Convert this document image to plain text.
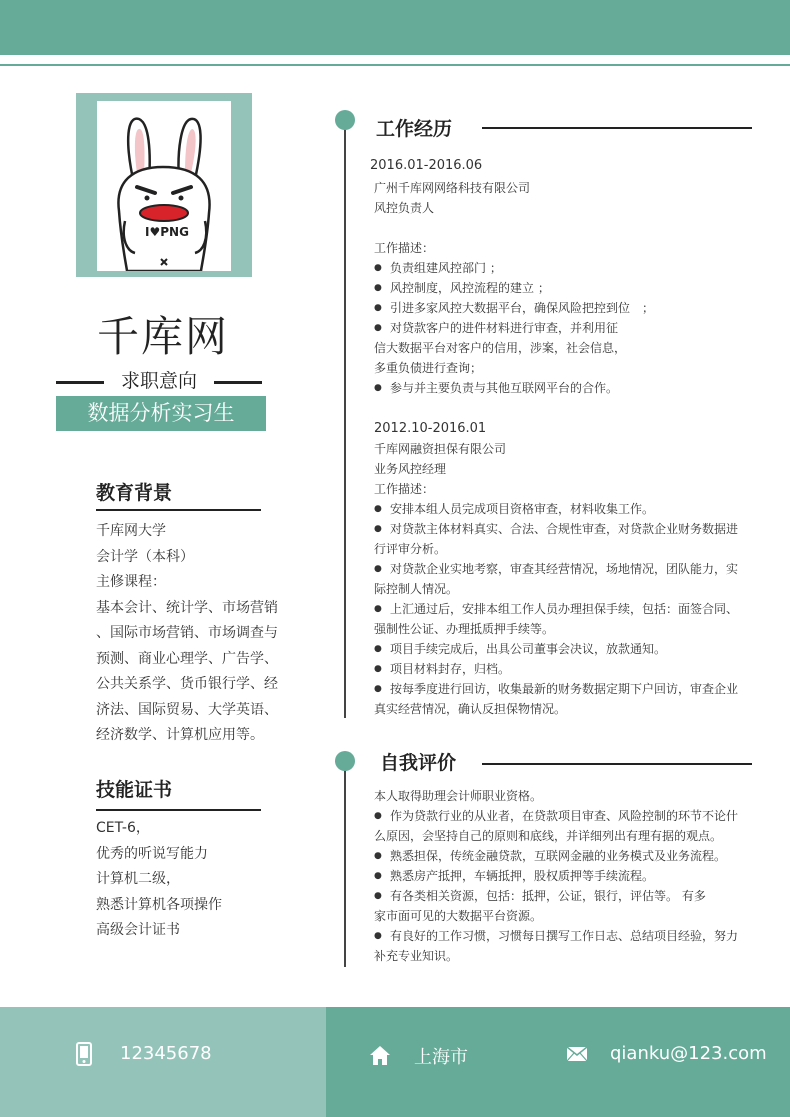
I♥PNG
千库网
求职意向
数据分析实习生
教育背景
千库网大学
会计学（本科）
主修课程：
基本会计、统计学、市场营销
、国际市场营销、市场调查与
预测、商业心理学、广告学、
公共关系学、货币银行学、经
济法、国际贸易、大学英语、
经济数学、计算机应用等。
技能证书
CET-6，
优秀的听说写能力
计算机二级，
熟悉计算机各项操作
高级会计证书
工作经历
2016.01-2016.06
广州千库网网络科技有限公司
风控负责人
工作描述：
● 负责组建风控部门 ；
● 风控制度，风控流程的建立 ；
● 引进多家风控大数据平台，确保风险把控到位　；
● 对贷款客户的进件材料进行审查，并利用征
信大数据平台对客户的信用，涉案，社会信息，
多重负债进行查询；
● 参与并主要负责与其他互联网平台的合作。
2012.10-2016.01
千库网融资担保有限公司
业务风控经理
工作描述：
● 安排本组人员完成项目资格审查，材料收集工作。
● 对贷款主体材料真实、合法、合规性审查，对贷款企业财务数据进
行评审分析。
● 对贷款企业实地考察，审查其经营情况，场地情况，团队能力，实
际控制人情况。
● 上汇通过后，安排本组工作人员办理担保手续，包括：面签合同、
强制性公证、办理抵质押手续等。
● 项目手续完成后，出具公司董事会决议，放款通知。
● 项目材料封存，归档。
● 按每季度进行回访，收集最新的财务数据定期下户回访，审查企业
真实经营情况，确认反担保物情况。
自我评价
本人取得助理会计师职业资格。
● 作为贷款行业的从业者，在贷款项目审查、风险控制的环节不论什
么原因，会坚持自己的原则和底线，并详细列出有理有据的观点。
● 熟悉担保，传统金融贷款，互联网金融的业务模式及业务流程。
● 熟悉房产抵押，车辆抵押，股权质押等手续流程。
● 有各类相关资源，包括：抵押，公证，银行，评估等。 有多
家市面可见的大数据平台资源。
● 有良好的工作习惯，习惯每日撰写工作日志、总结项目经验，努力
补充专业知识。
12345678	上海市	qianku@123.com
